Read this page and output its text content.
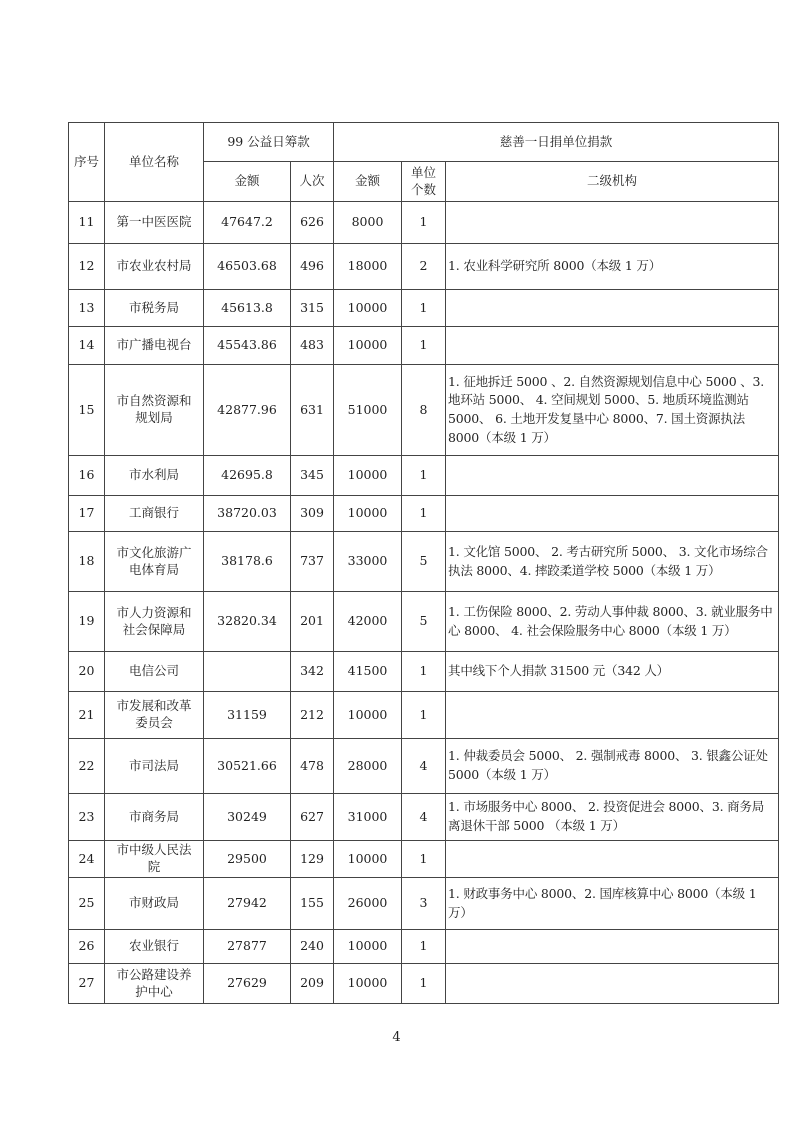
序号	单位名称	99 公益日筹款		慈善一日捐单位捐款		
		金额	人次	金额	单位个数	二级机构
11	第一中医医院	47647.2	626	8000	1	
12	市农业农村局	46503.68	496	18000	2	1. 农业科学研究所 8000（本级 1 万）
13	市税务局	45613.8	315	10000	1	
14	市广播电视台	45543.86	483	10000	1	
15	市自然资源和规划局	42877.96	631	51000	8	1. 征地拆迁 5000 、2. 自然资源规划信息中心 5000 、3. 地环站 5000、 4. 空间规划 5000、5. 地质环境监测站 5000、 6. 土地开发复垦中心 8000、7. 国土资源执法 8000（本级 1 万）
16	市水利局	42695.8	345	10000	1	
17	工商银行	38720.03	309	10000	1	
18	市文化旅游广电体育局	38178.6	737	33000	5	1. 文化馆 5000、 2. 考古研究所 5000、 3. 文化市场综合执法 8000、4. 摔跤柔道学校 5000（本级 1 万）
19	市人力资源和社会保障局	32820.34	201	42000	5	1. 工伤保险 8000、2. 劳动人事仲裁 8000、3. 就业服务中心 8000、 4. 社会保险服务中心 8000（本级 1 万）
20	电信公司		342	41500	1	其中线下个人捐款 31500 元（342 人）
21	市发展和改革委员会	31159	212	10000	1	
22	市司法局	30521.66	478	28000	4	1. 仲裁委员会 5000、 2. 强制戒毒 8000、 3. 银鑫公证处 5000（本级 1 万）
23	市商务局	30249	627	31000	4	1. 市场服务中心 8000、 2. 投资促进会 8000、3. 商务局离退休干部 5000 （本级 1 万）
24	市中级人民法院	29500	129	10000	1	
25	市财政局	27942	155	26000	3	1. 财政事务中心 8000、2. 国库核算中心 8000（本级 1 万）
26	农业银行	27877	240	10000	1	
27	市公路建设养护中心	27629	209	10000	1	
4
